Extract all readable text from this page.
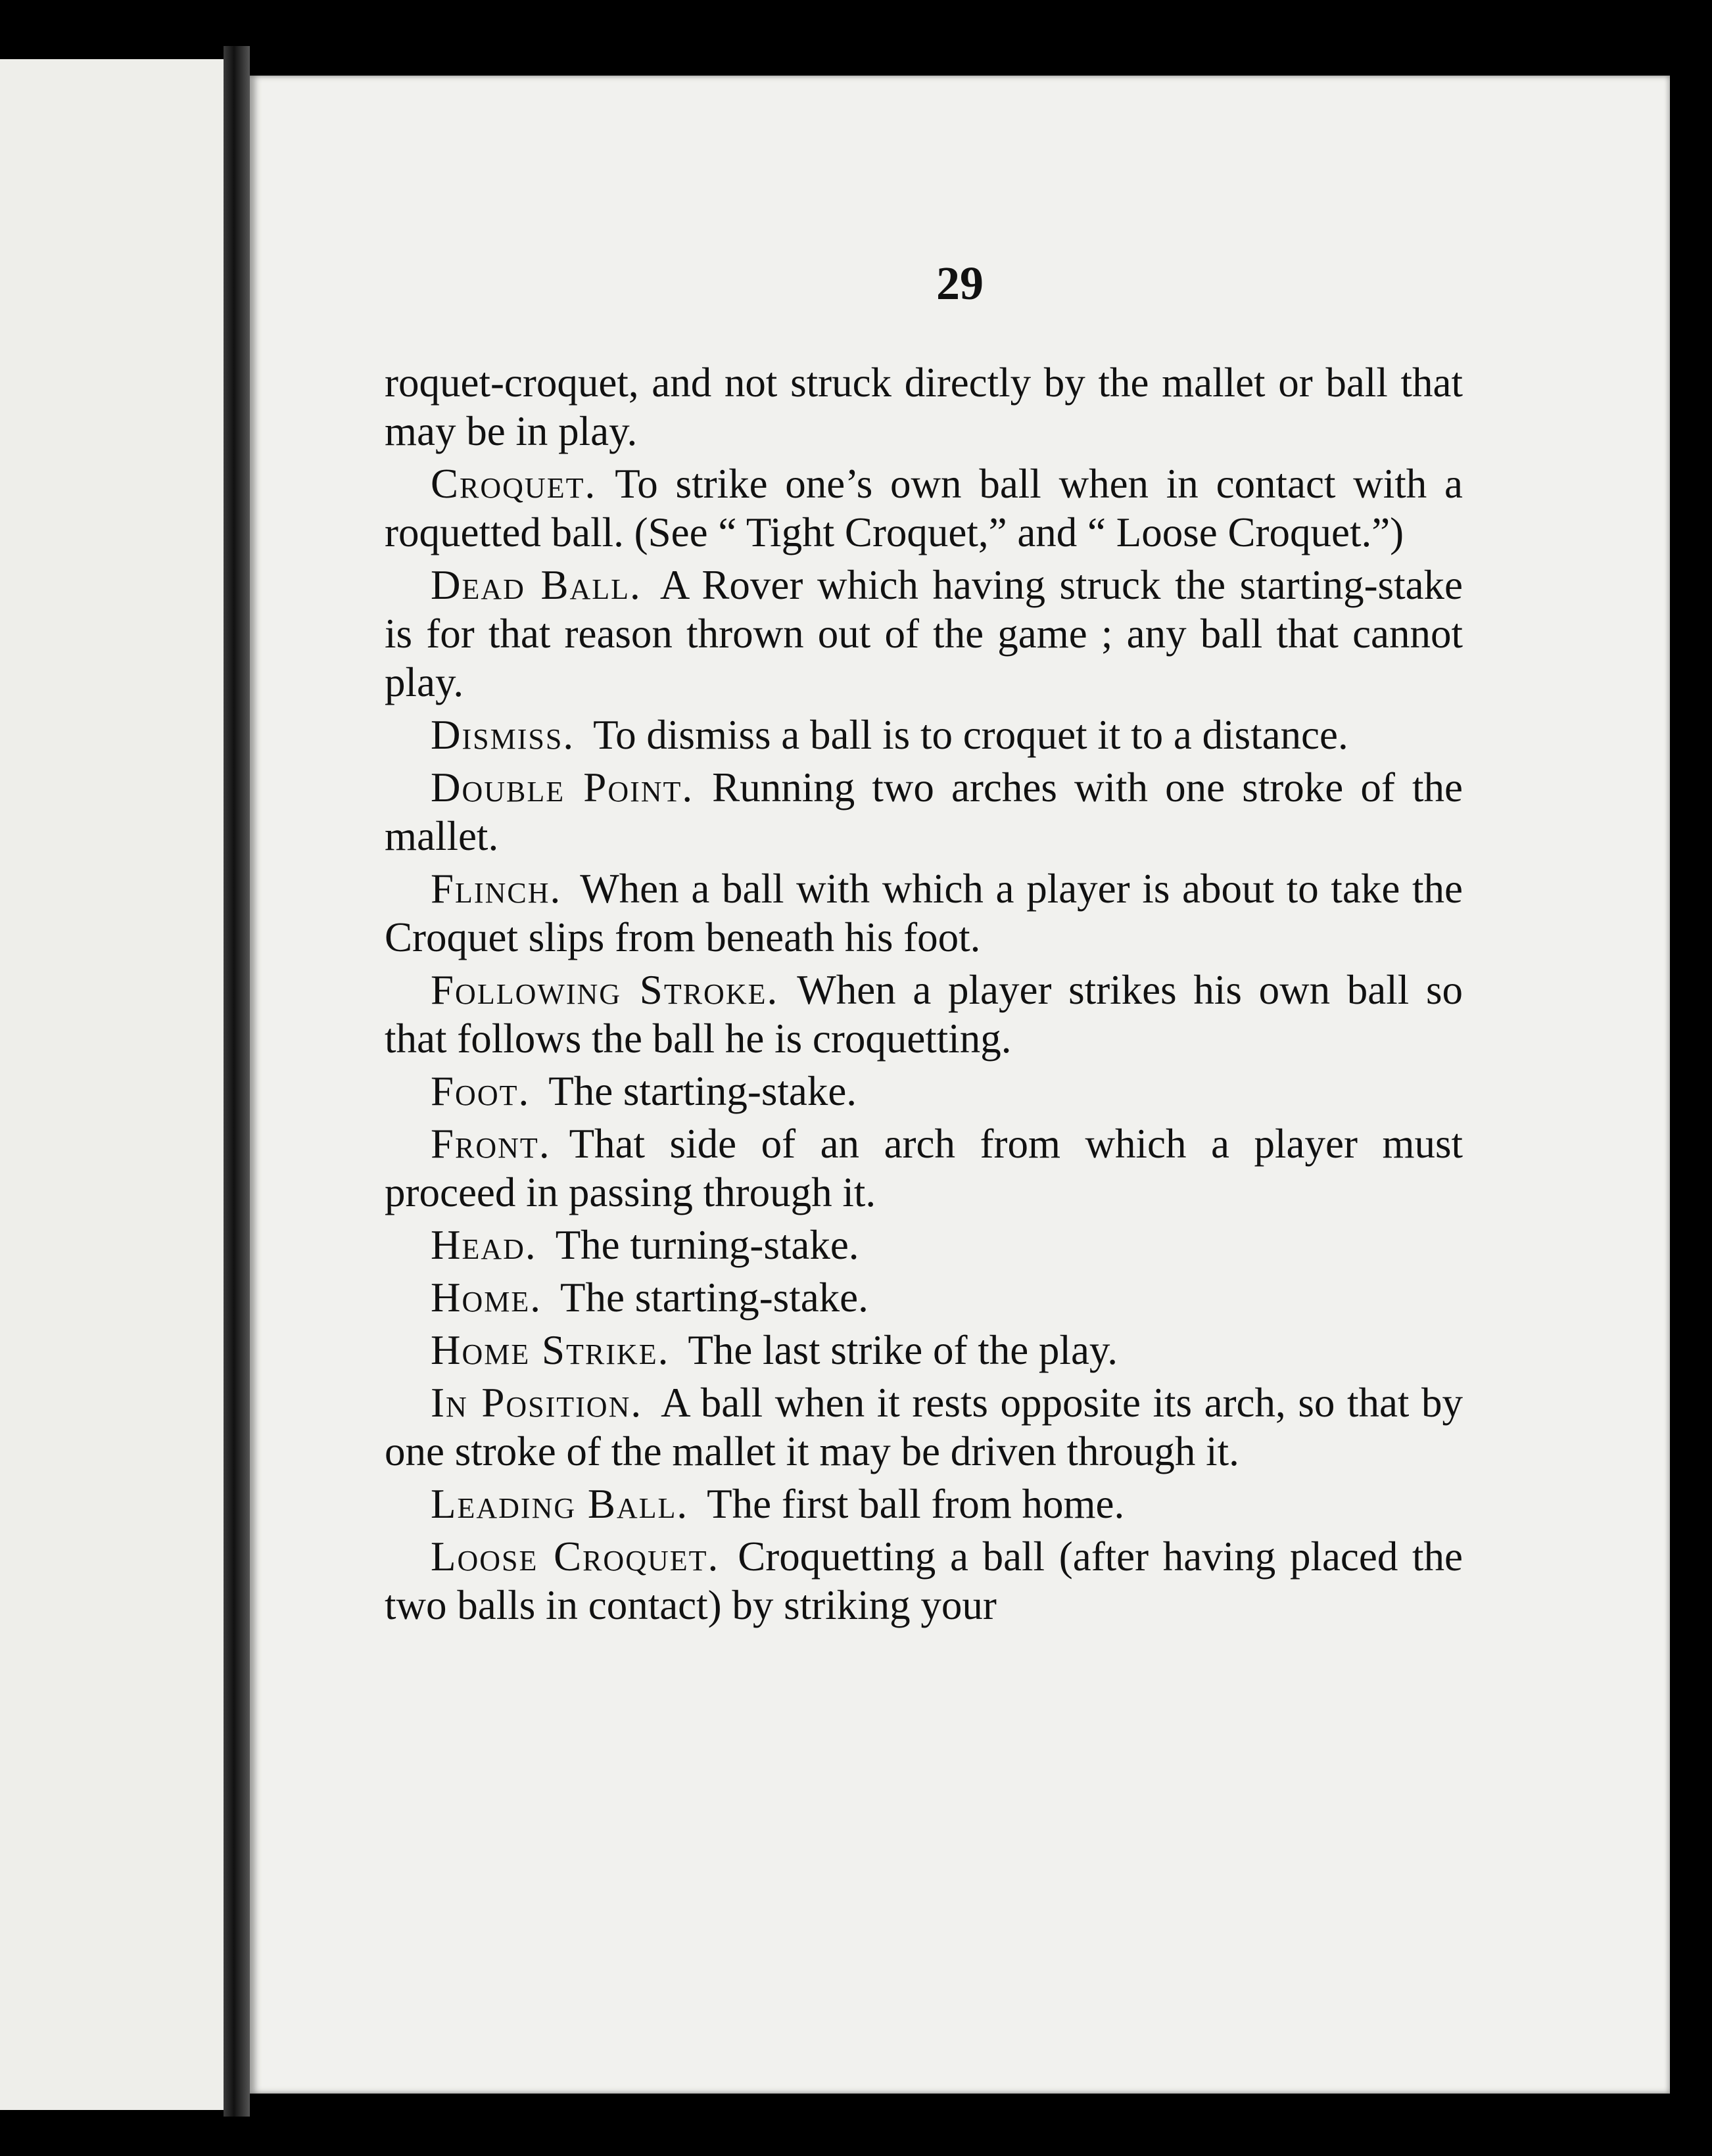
29

roquet-croquet, and not struck directly by the mallet or ball that may be in play.

Croquet. To strike one’s own ball when in contact with a roquetted ball. (See “ Tight Croquet,” and “ Loose Croquet.”)

Dead Ball. A Rover which having struck the starting-stake is for that reason thrown out of the game ; any ball that cannot play.

Dismiss. To dismiss a ball is to croquet it to a distance.

Double Point. Running two arches with one stroke of the mallet.

Flinch. When a ball with which a player is about to take the Croquet slips from beneath his foot.

Following Stroke. When a player strikes his own ball so that follows the ball he is croquetting.

Foot. The starting-stake.

Front. That side of an arch from which a player must proceed in passing through it.

Head. The turning-stake.

Home. The starting-stake.

Home Strike. The last strike of the play.

In Position. A ball when it rests opposite its arch, so that by one stroke of the mallet it may be driven through it.

Leading Ball. The first ball from home.

Loose Croquet. Croquetting a ball (after having placed the two balls in contact) by striking your
